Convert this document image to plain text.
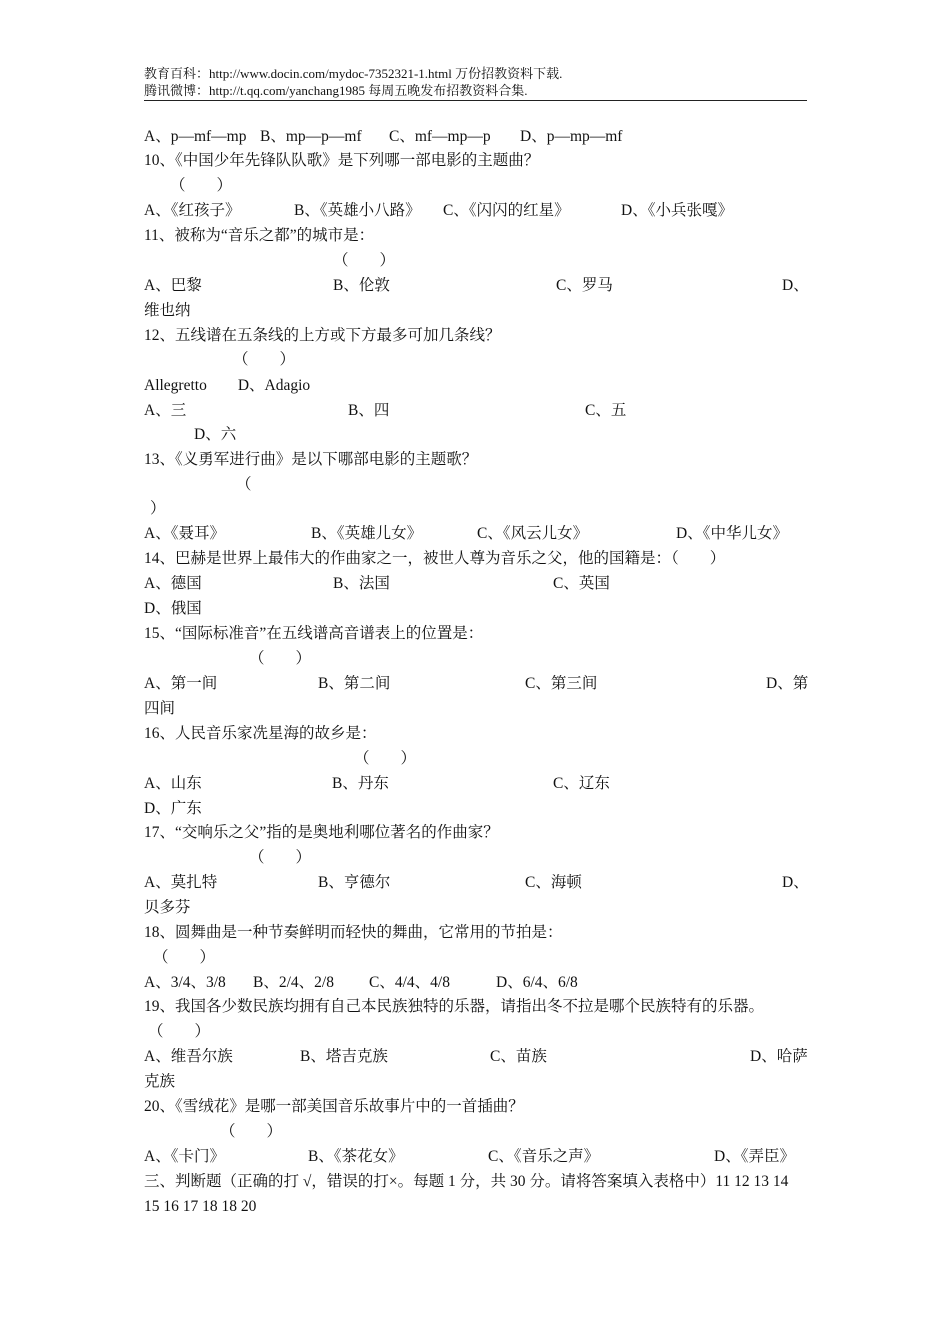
教育百科：http://www.docin.com/mydoc-7352321-1.html 万份招教资料下载.
腾讯微博：http://t.qq.com/yanchang1985 每周五晚发布招教资料合集.
A、p—mf—mp B、mp—p—mf C、mf—mp—p D、p—mp—mf
10、《中国少年先锋队队歌》是下列哪一部电影的主题曲？
（　　）
A、《红孩子》	B、《英雄小八路》 C、《闪闪的红星》	D、《小兵张嘎》
11、被称为“音乐之都”的城市是：
（　　）
A、巴黎	B、伦敦	C、罗马	D、
维也纳
12、五线谱在五条线的上方或下方最多可加几条线？
（　　）
Allegretto　　D、Adagio
A、三	B、四	C、五
D、六
13、《义勇军进行曲》是以下哪部电影的主题歌？
（
）
A、《聂耳》	B、《英雄儿女》	C、《风云儿女》	D、《中华儿女》
14、巴赫是世界上最伟大的作曲家之一，被世人尊为音乐之父，他的国籍是：（　　）
A、德国	B、法国	C、英国
D、俄国
15、“国际标准音”在五线谱高音谱表上的位置是：
（　　）
A、第一间	B、第二间	C、第三间	D、第
四间
16、人民音乐家冼星海的故乡是：
（　　）
A、山东	B、丹东	C、辽东
D、广东
17、“交响乐之父”指的是奥地利哪位著名的作曲家？
（　　）
A、莫扎特	B、亨德尔	C、海顿	D、
贝多芬
18、圆舞曲是一种节奏鲜明而轻快的舞曲，它常用的节拍是：
（　　）
A、3/4、3/8 B、2/4、2/8 C、4/4、4/8	D、6/4、6/8
19、我国各少数民族均拥有自己本民族独特的乐器，请指出冬不拉是哪个民族特有的乐器。
（　　）
A、维吾尔族	B、塔吉克族	C、苗族	D、哈萨
克族
20、《雪绒花》是哪一部美国音乐故事片中的一首插曲？
（　　）
A、《卡门》	B、《茶花女》	C、《音乐之声》	D、《弄臣》
三、判断题（正确的打 √，错误的打×。每题 1 分，共 30 分。请将答案填入表格中）11 12 13 14
15 16 17 18 18 20
